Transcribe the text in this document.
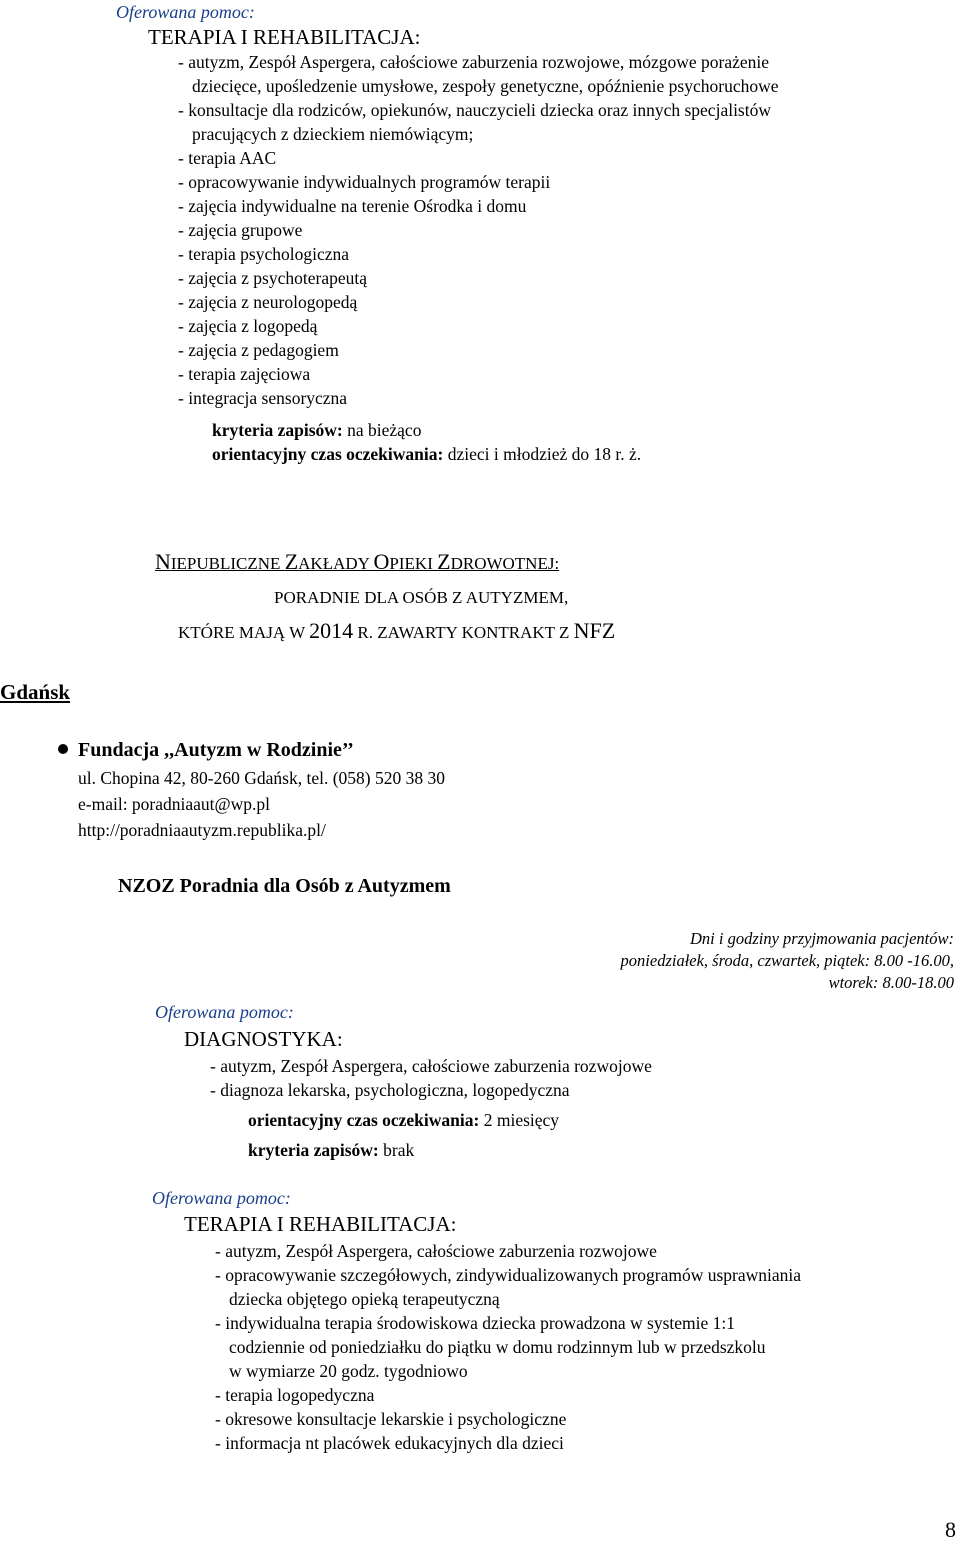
Oferowana pomoc:
TERAPIA I REHABILITACJA:
- autyzm, Zespół Aspergera, całościowe zaburzenia rozwojowe, mózgowe porażenie
dziecięce, upośledzenie umysłowe, zespoły genetyczne, opóźnienie psychoruchowe
- konsultacje dla rodziców, opiekunów, nauczycieli dziecka oraz innych specjalistów
pracujących z dzieckiem niemówiącym;
- terapia AAC
- opracowywanie indywidualnych programów terapii
- zajęcia indywidualne na terenie Ośrodka i domu
- zajęcia grupowe
- terapia psychologiczna
- zajęcia z psychoterapeutą
- zajęcia z neurologopedą
- zajęcia z logopedą
- zajęcia z pedagogiem
- terapia zajęciowa
- integracja sensoryczna
kryteria zapisów: na bieżąco
orientacyjny czas oczekiwania: dzieci i młodzież do 18 r. ż.
NIEPUBLICZNE ZAKŁADY OPIEKI ZDROWOTNEJ:
PORADNIE DLA OSÓB Z AUTYZMEM,
KTÓRE MAJĄ W 2014 R. ZAWARTY KONTRAKT Z NFZ
Gdańsk
Fundacja ,,Autyzm w Rodzinie’’
ul. Chopina 42, 80-260 Gdańsk, tel. (058) 520 38 30
e-mail: poradniaaut@wp.pl
http://poradniaautyzm.republika.pl/
NZOZ Poradnia dla Osób z Autyzmem
Dni i godziny przyjmowania pacjentów:
poniedziałek, środa, czwartek, piątek: 8.00 -16.00,
wtorek: 8.00-18.00
Oferowana pomoc:
DIAGNOSTYKA:
- autyzm, Zespół Aspergera, całościowe zaburzenia rozwojowe
- diagnoza lekarska, psychologiczna, logopedyczna
orientacyjny czas oczekiwania: 2 miesięcy
kryteria zapisów: brak
Oferowana pomoc:
TERAPIA I REHABILITACJA:
- autyzm, Zespół Aspergera, całościowe zaburzenia rozwojowe
- opracowywanie szczegółowych, zindywidualizowanych programów usprawniania
dziecka objętego opieką terapeutyczną
- indywidualna terapia środowiskowa dziecka prowadzona w systemie 1:1
codziennie od poniedziałku do piątku w domu rodzinnym lub w przedszkolu
w wymiarze 20 godz. tygodniowo
- terapia logopedyczna
- okresowe konsultacje lekarskie i psychologiczne
- informacja nt placówek edukacyjnych dla dzieci
8
